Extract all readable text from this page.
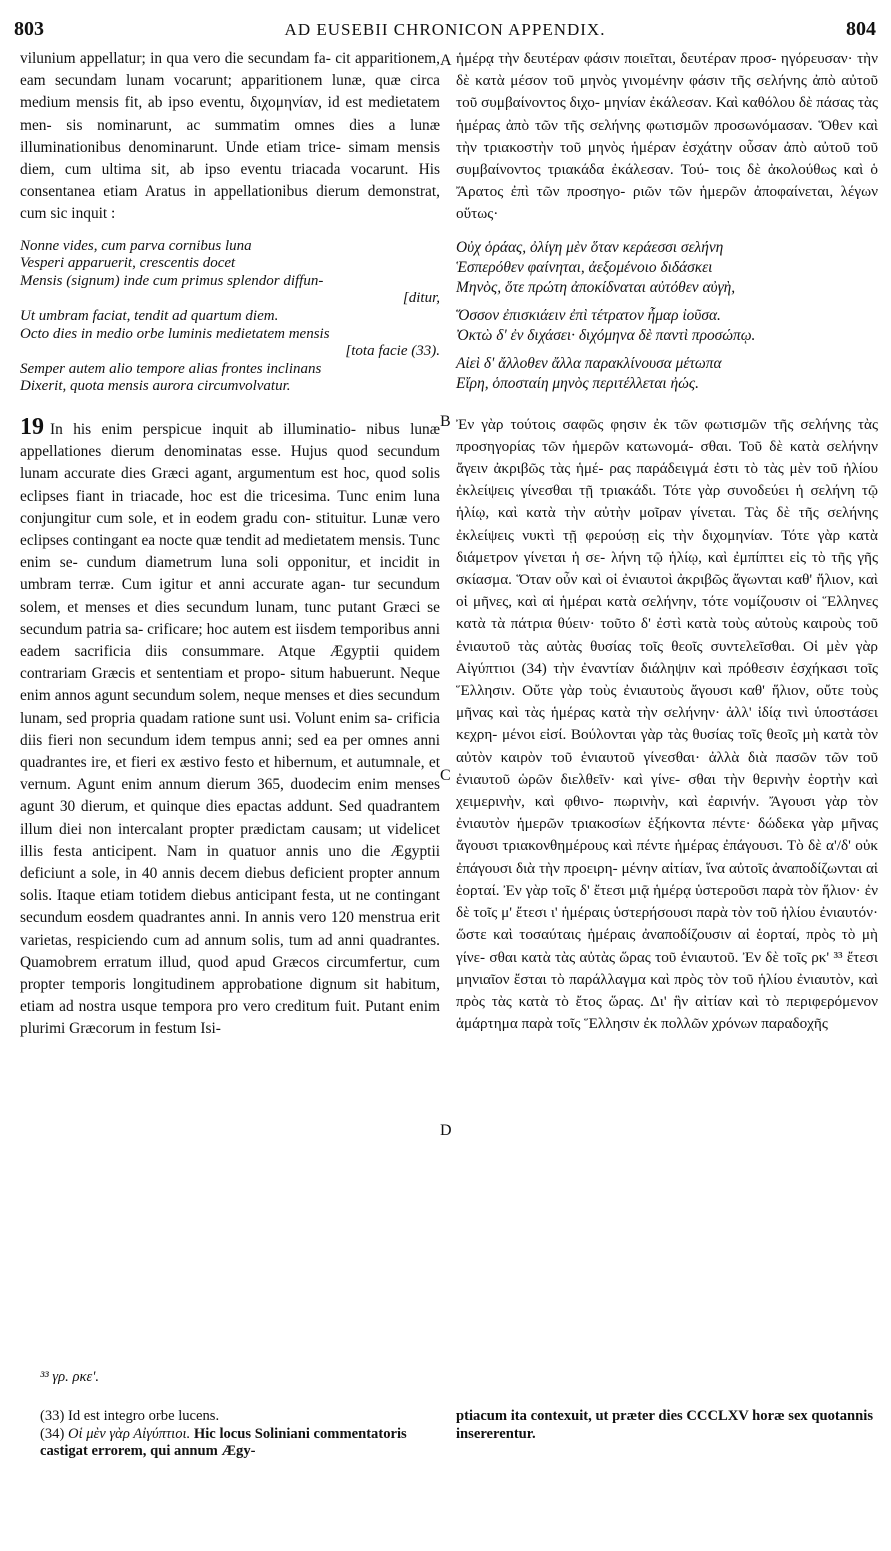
803	AD EUSEBII CHRONICON APPENDIX.	804
A
B
C
D

vilunium appellatur; in qua vero die secundam fa- cit apparitionem, eam secundam lunam vocarunt; apparitionem lunæ, quæ circa medium mensis fit, ab ipso eventu, διχομηνίαν, id est medietatem men- sis nominarunt, ac summatim omnes dies a lunæ illuminationibus denominarunt. Unde etiam trice- simam mensis diem, cum ultima sit, ab ipso eventu triacada vocarunt. His consentanea etiam Aratus in appellationibus dierum demonstrat, cum sic inquit :

Nonne vides, cum parva cornibus luna
Vesperi apparuerit, crescentis docet
Mensis (signum) inde cum primus splendor diffun-
[ditur,
Ut umbram faciat, tendit ad quartum diem.
Octo dies in medio orbe luminis medietatem mensis
[tota facie (33).
Semper autem alio tempore alias frontes inclinans
Dixerit, quota mensis aurora circumvolvatur.

19 In his enim perspicue inquit ab illuminatio- nibus lunæ appellationes dierum denominatas esse. Hujus quod secundum lunam accurate dies Græci agant, argumentum est hoc, quod solis eclipses fiant in triacade, hoc est die tricesima. Tunc enim luna conjungitur cum sole, et in eodem gradu con- stituitur. Lunæ vero eclipses contingant ea nocte quæ tendit ad medietatem mensis. Tunc enim se- cundum diametrum luna soli opponitur, et incidit in umbram terræ. Cum igitur et anni accurate agan- tur secundum solem, et menses et dies secundum lunam, tunc putant Græci se secundum patria sa- crificare; hoc autem est iisdem temporibus anni eadem sacrificia diis consummare. Atque Ægyptii quidem contrariam Græcis et sententiam et propo- situm habuerunt. Neque enim annos agunt secundum solem, neque menses et dies secundum lunam, sed propria quadam ratione sunt usi. Volunt enim sa- crificia diis fieri non secundum idem tempus anni; sed ea per omnes anni quadrantes ire, et fieri ex æstivo festo et hibernum, et autumnale, et vernum. Agunt enim annum dierum 365, duodecim enim menses agunt 30 dierum, et quinque dies epactas addunt. Sed quadrantem illum diei non intercalant propter prædictam causam; ut videlicet illis festa anticipent. Nam in quatuor annis uno die Ægyptii deficiunt a sole, in 40 annis decem diebus deficient propter annum solis. Itaque etiam totidem diebus anticipant festa, ut ne contingant secundum eosdem quadrantes anni. In annis vero 120 menstrua erit varietas, respiciendo cum ad annum solis, tum ad anni quadrantes. Quamobrem erratum illud, quod apud Græcos circumfertur, cum propter temporis longitudinem approbatione dignum sit habitum, etiam ad nostra usque tempora pro vero creditum fuit. Putant enim plurimi Græcorum in festum Isi-

ἡμέρᾳ τὴν δευτέραν φάσιν ποιεῖται, δευτέραν προσ- ηγόρευσαν· τὴν δὲ κατὰ μέσον τοῦ μηνὸς γινομένην φάσιν τῆς σελήνης ἀπὸ αὐτοῦ τοῦ συμβαίνοντος διχο- μηνίαν ἐκάλεσαν. Καὶ καθόλου δὲ πάσας τὰς ἡμέρας ἀπὸ τῶν τῆς σελήνης φωτισμῶν προσωνόμασαν. Ὅθεν καὶ τὴν τριακοστὴν τοῦ μηνὸς ἡμέραν ἐσχάτην οὖσαν ἀπὸ αὐτοῦ τοῦ συμβαίνοντος τριακάδα ἐκάλεσαν. Τού- τοις δὲ ἀκολούθως καὶ ὁ Ἄρατος ἐπὶ τῶν προσηγο- ριῶν τῶν ἡμερῶν ἀποφαίνεται, λέγων οὕτως·

Οὐχ ὁράας, ὀλίγη μὲν ὅταν κεράεσσι σελήνη
Ἑσπερόθεν φαίνηται, ἀεξομένοιο διδάσκει
Μηνὸς, ὅτε πρώτη ἀποκίδναται αὐτόθεν αὐγὴ,
Ὅσσον ἐπισκιάειν ἐπὶ τέτρατον ἦμαρ ἰοῦσα.
Ὀκτὼ δ' ἐν διχάσει· διχόμηνα δὲ παντὶ προσώπῳ.
Αἰεὶ δ' ἄλλοθεν ἄλλα παρακλίνουσα μέτωπα
Εἴρη, ὁποσταίη μηνὸς περιτέλλεται ἠώς.

Ἐν γὰρ τούτοις σαφῶς φησιν ἐκ τῶν φωτισμῶν τῆς σελήνης τὰς προσηγορίας τῶν ἡμερῶν κατωνομά- σθαι. Τοῦ δὲ κατὰ σελήνην ἄγειν ἀκριβῶς τὰς ἡμέ- ρας παράδειγμά ἐστι τὸ τὰς μὲν τοῦ ἡλίου ἐκλείψεις γίνεσθαι τῇ τριακάδι. Τότε γὰρ συνοδεύει ἡ σελήνη τῷ ἡλίῳ, καὶ κατὰ τὴν αὐτὴν μοῖραν γίνεται. Τὰς δὲ τῆς σελήνης ἐκλείψεις νυκτὶ τῇ φερούσῃ εἰς τὴν διχομηνίαν. Τότε γὰρ κατὰ διάμετρον γίνεται ἡ σε- λήνη τῷ ἡλίῳ, καὶ ἐμπίπτει εἰς τὸ τῆς γῆς σκίασμα. Ὅταν οὖν καὶ οἱ ἐνιαυτοὶ ἀκριβῶς ἄγωνται καθ' ἥλιον, καὶ οἱ μῆνες, καὶ αἱ ἡμέραι κατὰ σελήνην, τότε νομίζουσιν οἱ Ἕλληνες κατὰ τὰ πάτρια θύειν· τοῦτο δ' ἐστὶ κατὰ τοὺς αὐτοὺς καιροὺς τοῦ ἐνιαυτοῦ τὰς αὐτὰς θυσίας τοῖς θεοῖς συντελεῖσθαι. Οἱ μὲν γὰρ Αἰγύπτιοι (34) τὴν ἐναντίαν διάληψιν καὶ πρόθεσιν ἐσχήκασι τοῖς Ἕλλησιν. Οὔτε γὰρ τοὺς ἐνιαυτοὺς ἄγουσι καθ' ἥλιον, οὔτε τοὺς μῆνας καὶ τὰς ἡμέρας κατὰ τὴν σελήνην· ἀλλ' ἰδίᾳ τινὶ ὑποστάσει κεχρη- μένοι εἰσί. Βούλονται γὰρ τὰς θυσίας τοῖς θεοῖς μὴ κατὰ τὸν αὐτὸν καιρὸν τοῦ ἐνιαυτοῦ γίνεσθαι· ἀλλὰ διὰ πασῶν τῶν τοῦ ἐνιαυτοῦ ὡρῶν διελθεῖν· καὶ γίνε- σθαι τὴν θερινὴν ἑορτὴν καὶ χειμερινὴν, καὶ φθινο- πωρινὴν, καὶ ἐαρινήν. Ἄγουσι γὰρ τὸν ἐνιαυτὸν ἡμερῶν τριακοσίων ἑξήκοντα πέντε· δώδεκα γὰρ μῆνας ἄγουσι τριακονθημέρους καὶ πέντε ἡμέρας ἐπάγουσι. Τὸ δὲ α'/δ' οὐκ ἐπάγουσι διὰ τὴν προειρη- μένην αἰτίαν, ἵνα αὐτοῖς ἀναποδίζωνται αἱ ἑορταί. Ἐν γὰρ τοῖς δ' ἔτεσι μιᾷ ἡμέρᾳ ὑστεροῦσι παρὰ τὸν ἥλιον· ἐν δὲ τοῖς μ' ἔτεσι ι' ἡμέραις ὑστερήσουσι παρὰ τὸν τοῦ ἡλίου ἐνιαυτόν· ὥστε καὶ τοσαύταις ἡμέραις ἀναποδίζουσιν αἱ ἑορταί, πρὸς τὸ μὴ γίνε- σθαι κατὰ τὰς αὐτὰς ὥρας τοῦ ἐνιαυτοῦ. Ἐν δὲ τοῖς ρκ' ³³ ἔτεσι μηνιαῖον ἔσται τὸ παράλλαγμα καὶ πρὸς τὸν τοῦ ἡλίου ἐνιαυτὸν, καὶ πρὸς τὰς κατὰ τὸ ἔτος ὥρας. Δι' ἣν αἰτίαν καὶ τὸ περιφερόμενον ἁμάρτημα παρὰ τοῖς Ἕλλησιν ἐκ πολλῶν χρόνων παραδοχῆς

³³ γρ. ρκε'.
(33) Id est integro orbe lucens.
(34) Οἱ μὲν γὰρ Αἰγύπτιοι. Hic locus Soliniani commentatoris castigat errorem, qui annum Ægy-
ptiacum ita contexuit, ut præter dies CCCLXV horæ sex quotannis insererentur.
